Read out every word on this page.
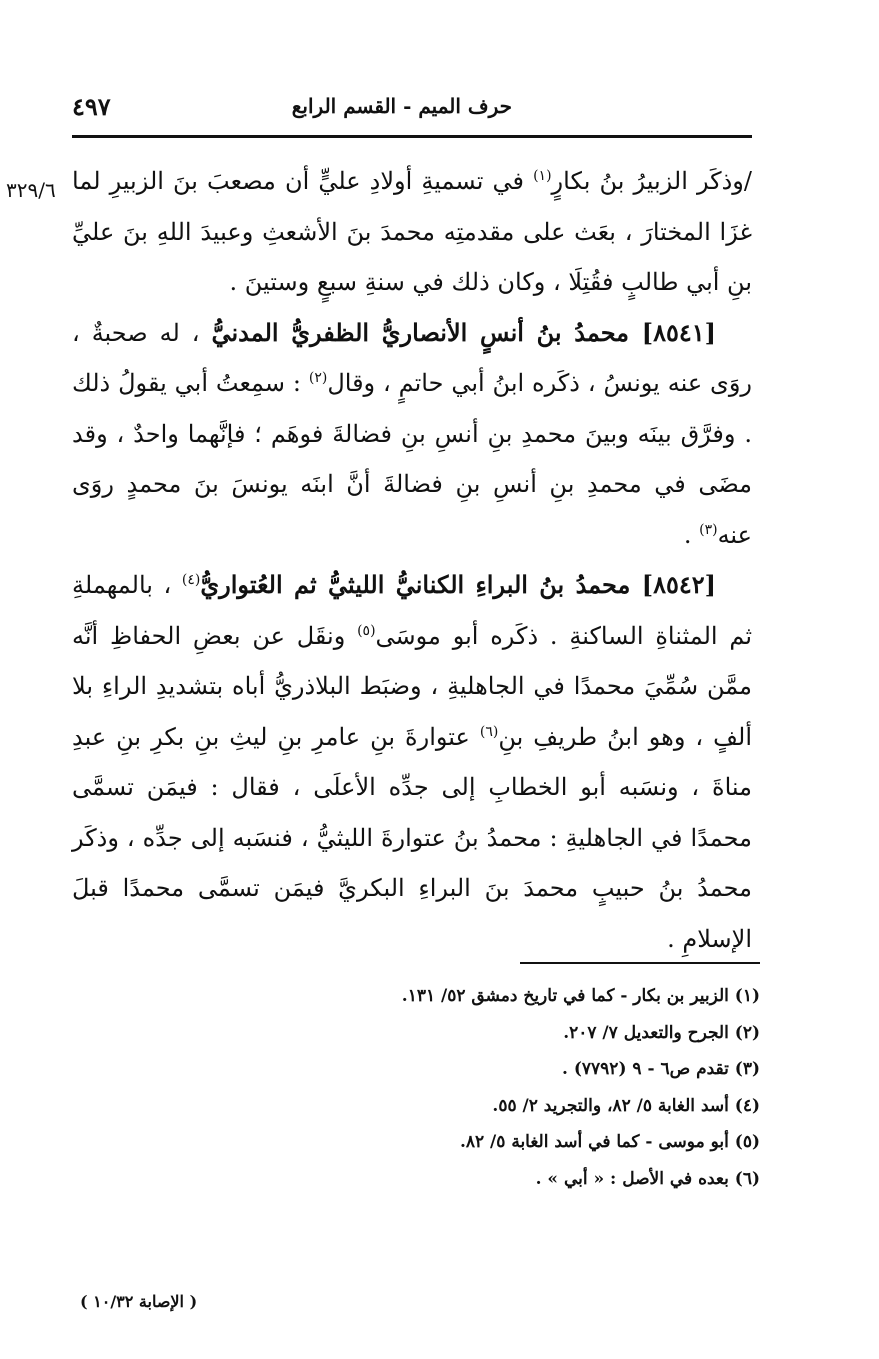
٤٩٧	حرف الميم - القسم الرابع
٣٢٩/٦	/وذكَر الزبيرُ بنُ بكارٍ$^{(١)}$ في تسميةِ أولادِ عليٍّ أن مصعبَ بنَ الزبيرِ لما غزَا المختارَ ، بعَث على مقدمتِه محمدَ بنَ الأشعثِ وعبيدَ اللهِ بنَ عليِّ بنِ أبي طالبٍ فقُتِلَا ، وكان ذلك في سنةِ سبعٍ وستينَ .

[٨٥٤١] محمدُ بنُ أنسٍ الأنصاريُّ الظفريُّ المدنيُّ ، له صحبةٌ ، روَى عنه يونسُ ، ذكَره ابنُ أبي حاتمٍ ، وقال$^{(٢)}$ : سمِعتُ أبي يقولُ ذلك . وفرَّق بينَه وبينَ محمدِ بنِ أنسِ بنِ فضالةَ فوهَم ؛ فإنَّهما واحدٌ ، وقد مضَى في محمدِ بنِ أنسِ بنِ فضالةَ أنَّ ابنَه يونسَ بنَ محمدٍ روَى عنه$^{(٣)}$ .

[٨٥٤٢] محمدُ بنُ البراءِ الكنانيُّ الليثيُّ ثم العُتواريُّ$^{(٤)}$ ، بالمهملةِ ثم المثناةِ الساكنةِ . ذكَره أبو موسَى$^{(٥)}$ ونقَل عن بعضِ الحفاظِ أنَّه ممَّن سُمِّيَ محمدًا في الجاهليةِ ، وضبَط البلاذريُّ أباه بتشديدِ الراءِ بلا ألفٍ ، وهو ابنُ طريفِ بنِ$^{(٦)}$ عتوارةَ بنِ عامرِ بنِ ليثِ بنِ بكرِ بنِ عبدِ مناةَ ، ونسَبه أبو الخطابِ إلى جدِّه الأعلَى ، فقال : فيمَن تسمَّى محمدًا في الجاهليةِ : محمدُ بنُ عتوارةَ الليثيُّ ، فنسَبه إلى جدِّه ، وذكَر محمدُ بنُ حبيبٍ محمدَ بنَ البراءِ البكريَّ فيمَن تسمَّى محمدًا قبلَ الإسلامِ .

(١) الزبير بن بكار - كما في تاريخ دمشق ٥٢/ ١٣١.
(٢) الجرح والتعديل ٧/ ٢٠٧.
(٣) تقدم ص٦ - ٩ (٧٧٩٢) .
(٤) أسد الغابة ٥/ ٨٢، والتجريد ٢/ ٥٥.
(٥) أبو موسى - كما في أسد الغابة ٥/ ٨٢.
(٦) بعده في الأصل : « أبي » .
( الإصابة ١٠/٣٢ )
